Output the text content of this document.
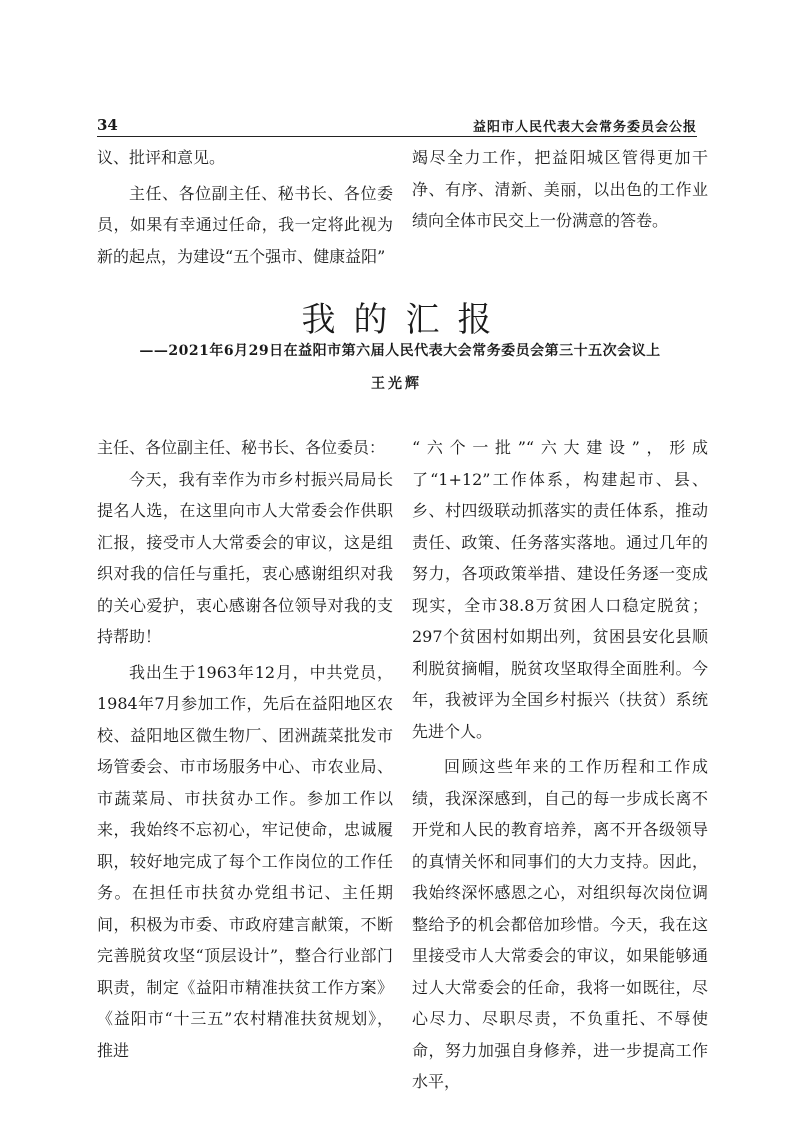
34	益阳市人民代表大会常务委员会公报

议、批评和意见。

主任、各位副主任、秘书长、各位委员，如果有幸通过任命，我一定将此视为新的起点，为建设“五个强市、健康益阳”

竭尽全力工作，把益阳城区管得更加干净、有序、清新、美丽，以出色的工作业绩向全体市民交上一份满意的答卷。

我的汇报
——2021年6月29日在益阳市第六届人民代表大会常务委员会第三十五次会议上
王光辉

主任、各位副主任、秘书长、各位委员：

今天，我有幸作为市乡村振兴局局长提名人选，在这里向市人大常委会作供职汇报，接受市人大常委会的审议，这是组织对我的信任与重托，衷心感谢组织对我的关心爱护，衷心感谢各位领导对我的支持帮助！

我出生于1963年12月，中共党员，1984年7月参加工作，先后在益阳地区农校、益阳地区微生物厂、团洲蔬菜批发市场管委会、市市场服务中心、市农业局、市蔬菜局、市扶贫办工作。参加工作以来，我始终不忘初心，牢记使命，忠诚履职，较好地完成了每个工作岗位的工作任务。在担任市扶贫办党组书记、主任期间，积极为市委、市政府建言献策，不断完善脱贫攻坚“顶层设计”，整合行业部门职责，制定《益阳市精准扶贫工作方案》《益阳市“十三五”农村精准扶贫规划》，推进

“六个一批”“六大建设”，形成了“1+12”工作体系，构建起市、县、乡、村四级联动抓落实的责任体系，推动责任、政策、任务落实落地。通过几年的努力，各项政策举措、建设任务逐一变成现实，全市38.8万贫困人口稳定脱贫；297个贫困村如期出列，贫困县安化县顺利脱贫摘帽，脱贫攻坚取得全面胜利。今年，我被评为全国乡村振兴（扶贫）系统先进个人。

回顾这些年来的工作历程和工作成绩，我深深感到，自己的每一步成长离不开党和人民的教育培养，离不开各级领导的真情关怀和同事们的大力支持。因此，我始终深怀感恩之心，对组织每次岗位调整给予的机会都倍加珍惜。今天，我在这里接受市人大常委会的审议，如果能够通过人大常委会的任命，我将一如既往，尽心尽力、尽职尽责，不负重托、不辱使命，努力加强自身修养，进一步提高工作水平，
